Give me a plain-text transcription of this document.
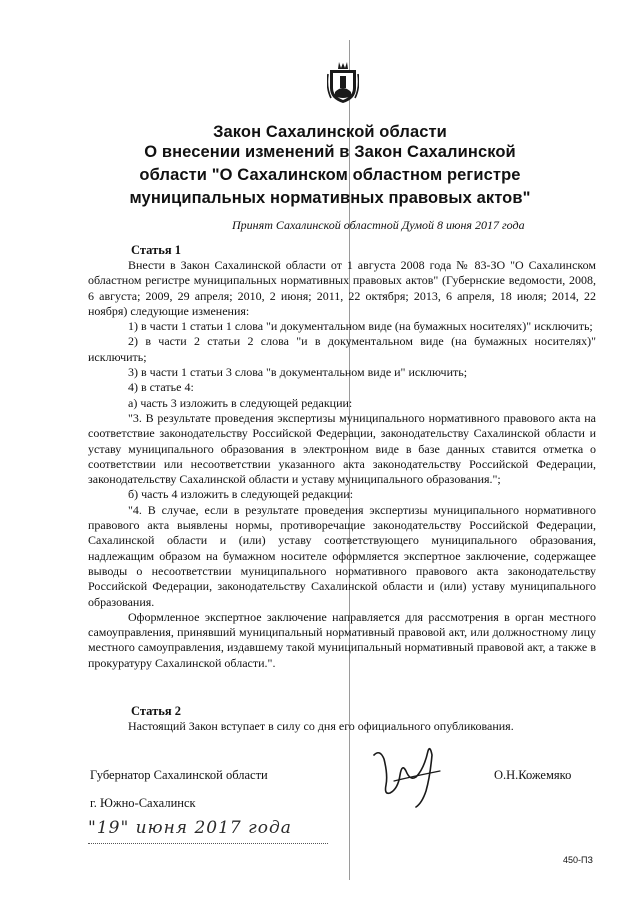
Закон Сахалинской области
О внесении изменений в Закон Сахалинской области "О Сахалинском областном регистре муниципальных нормативных правовых актов"
Принят Сахалинской областной Думой 8 июня 2017 года
Статья 1

Внести в Закон Сахалинской области от 1 августа 2008 года № 83-ЗО "О Сахалинском областном регистре муниципальных нормативных правовых актов" (Губернские ведомости, 2008, 6 августа; 2009, 29 апреля; 2010, 2 июня; 2011, 22 октября; 2013, 6 апреля, 18 июля; 2014, 22 ноября) следующие изменения:

1) в части 1 статьи 1 слова "и документальном виде (на бумажных носителях)" исключить;

2) в части 2 статьи 2 слова "и в документальном виде (на бумажных носителях)" исключить;

3) в части 1 статьи 3 слова "в документальном виде и" исключить;

4) в статье 4:

а) часть 3 изложить в следующей редакции:

"3. В результате проведения экспертизы муниципального нормативного правового акта на соответствие законодательству Российской Федерации, законодательству Сахалинской области и уставу муниципального образования в электронном виде в базе данных ставится отметка о соответствии или несоответствии указанного акта законодательству Российской Федерации, законодательству Сахалинской области и уставу муниципального образования.";

б) часть 4 изложить в следующей редакции:

"4. В случае, если в результате проведения экспертизы муниципального нормативного правового акта выявлены нормы, противоречащие законодательству Российской Федерации, Сахалинской области и (или) уставу соответствующего муниципального образования, надлежащим образом на бумажном носителе оформляется экспертное заключение, содержащее выводы о несоответствии муниципального нормативного правового акта законодательству Российской Федерации, законодательству Сахалинской области и (или) уставу муниципального образования.

Оформленное экспертное заключение направляется для рассмотрения в орган местного самоуправления, принявший муниципальный нормативный правовой акт, или должностному лицу местного самоуправления, издавшему такой муниципальный нормативный правовой акт, а также в прокуратуру Сахалинской области.".

Статья 2

Настоящий Закон вступает в силу со дня его официального опубликования.

Губернатор Сахалинской области	О.Н.Кожемяко
г. Южно-Сахалинск
"19" июня 2017 года
450-ПЗ
